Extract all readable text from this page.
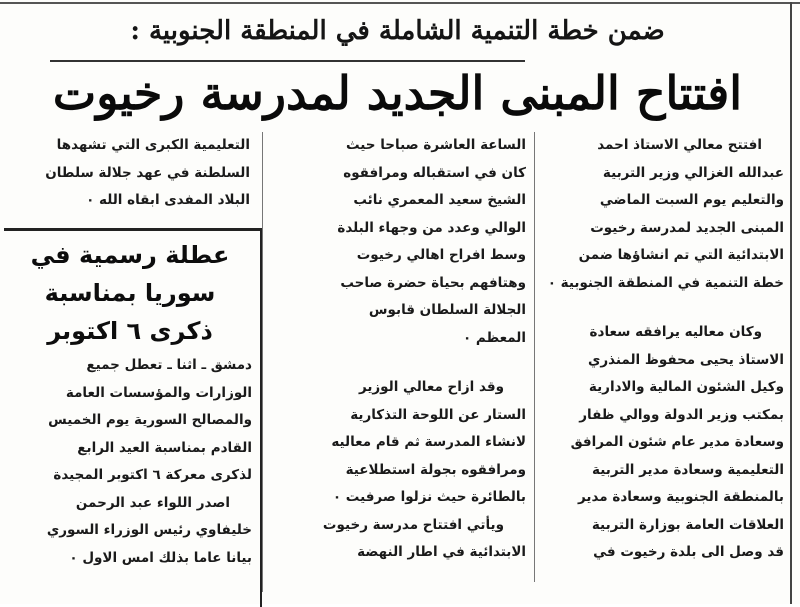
ضمن خطة التنمية الشاملة في المنطقة الجنوبية :
افتتاح المبنى الجديد لمدرسة رخيوت

افتتح معالي الاستاذ احمد

عبدالله الغزالي وزير التربية

والتعليم يوم السبت الماضي

المبنى الجديد لمدرسة رخيوت

الابتدائية التي تم انشاؤها ضمن

خطة التنمية في المنطقة الجنوبية ٠

وكان معاليه يرافقه سعادة

الاستاذ يحيى محفوظ المنذري

وكيل الشئون المالية والادارية

بمكتب وزير الدولة ووالي ظفار

وسعادة مدير عام شئون المرافق

التعليمية وسعادة مدير التربية

بالمنطقة الجنوبية وسعادة مدير

العلاقات العامة بوزارة التربية

قد وصل الى بلدة رخيوت في

الساعة العاشرة صباحا حيث

كان في استقباله ومرافقوه

الشيخ سعيد المعمري نائب

الوالي وعدد من وجهاء البلدة

وسط افراح اهالي رخيوت

وهتافهم بحياة حضرة صاحب

الجلالة السلطان قابوس

المعظم ٠

وقد ازاح معالي الوزير

الستار عن اللوحة التذكارية

لانشاء المدرسة ثم قام معاليه

ومرافقوه بجولة استطلاعية

بالطائرة حيث نزلوا صرفيت ٠

ويأتي افتتاح مدرسة رخيوت

الابتدائية في اطار النهضة

التعليمية الكبرى التي تشهدها

السلطنة في عهد جلالة سلطان

البلاد المفدى ابقاه الله ٠

عطلة رسمية في
سوريا بمناسبة
ذكرى ٦ اكتوبر

دمشق ـ اثنا ـ تعطل جميع

الوزارات والمؤسسات العامة

والمصالح السورية يوم الخميس

القادم بمناسبة العيد الرابع

لذكرى معركة ٦ اكتوبر المجيدة

اصدر اللواء عبد الرحمن

خليفاوي رئيس الوزراء السوري

بيانا عاما بذلك امس الاول ٠
